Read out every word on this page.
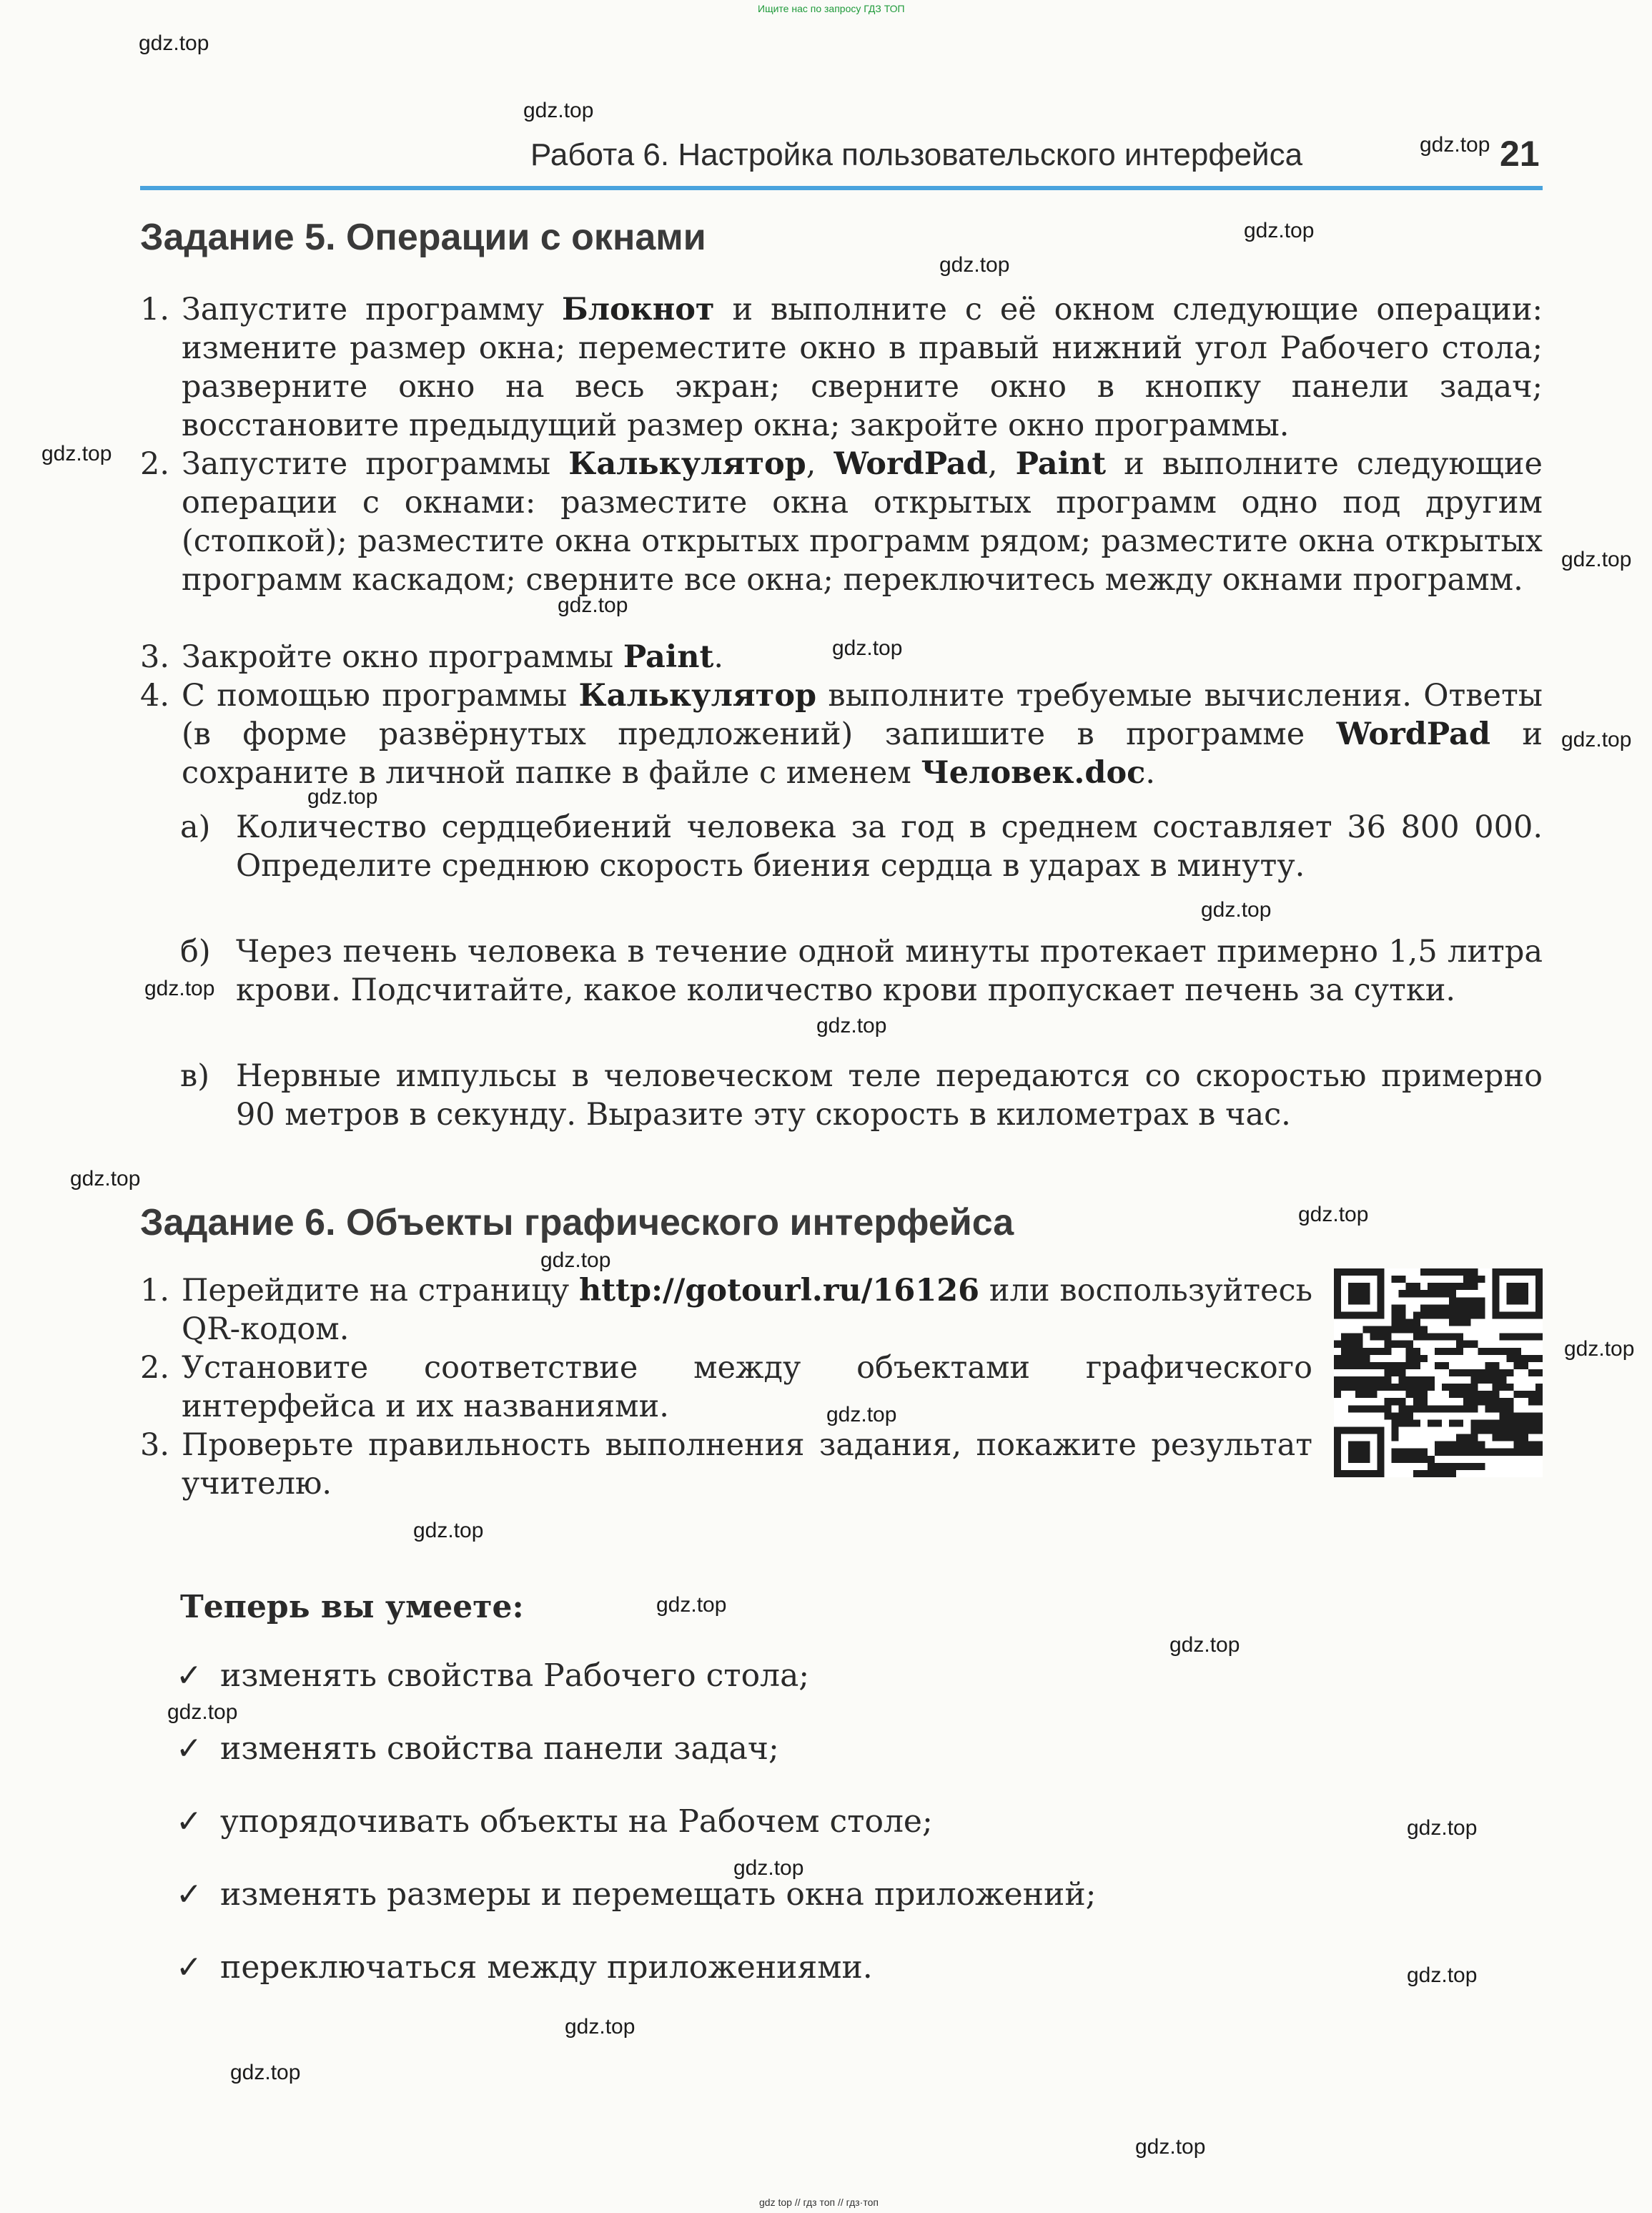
Ищите нас по запросу ГДЗ ТОП
gdz.top
gdz.top
gdz.top
gdz.top
gdz.top
gdz.top
gdz.top
gdz.top
gdz.top
gdz.top
gdz.top
gdz.top
gdz.top
gdz.top
gdz.top
gdz.top
gdz.top
gdz.top
gdz.top
gdz.top
gdz.top
gdz.top
gdz.top
gdz.top
gdz.top
gdz.top
gdz.top
gdz.top
gdz.top
Работа 6. Настройка пользовательского интерфейса	21
Задание 5. Операции с окнами
1. Запустите программу Блокнот и выполните с её окном следующие операции: измените размер окна; переместите окно в правый нижний угол Рабочего стола; разверните окно на весь экран; сверните окно в кнопку панели задач; восстановите предыдущий размер окна; закройте окно программы.
2. Запустите программы Калькулятор, WordPad, Paint и выполните следующие операции с окнами: разместите окна открытых программ одно под другим (стопкой); разместите окна открытых программ рядом; разместите окна открытых программ каскадом; сверните все окна; переключитесь между окнами программ.
3. Закройте окно программы Paint.
4. С помощью программы Калькулятор выполните требуемые вычисления. Ответы (в форме развёрнутых предложений) запишите в программе WordPad и сохраните в личной папке в файле с именем Человек.doc.
а) Количество сердцебиений человека за год в среднем составляет 36 800 000. Определите среднюю скорость биения сердца в ударах в минуту.
б) Через печень человека в течение одной минуты протекает примерно 1,5 литра крови. Подсчитайте, какое количество крови пропускает печень за сутки.
в) Нервные импульсы в человеческом теле передаются со скоростью примерно 90 метров в секунду. Выразите эту скорость в километрах в час.
Задание 6. Объекты графического интерфейса
1. Перейдите на страницу http://gotourl.ru/16126 или воспользуйтесь QR-кодом.
2. Установите соответствие между объектами графического интерфейса и их названиями.
3. Проверьте правильность выполнения задания, покажите результат учителю.
Теперь вы умеете:
✓ изменять свойства Рабочего стола;
✓ изменять свойства панели задач;
✓ упорядочивать объекты на Рабочем столе;
✓ изменять размеры и перемещать окна приложений;
✓ переключаться между приложениями.
gdz top // гдз топ // гдз·топ
